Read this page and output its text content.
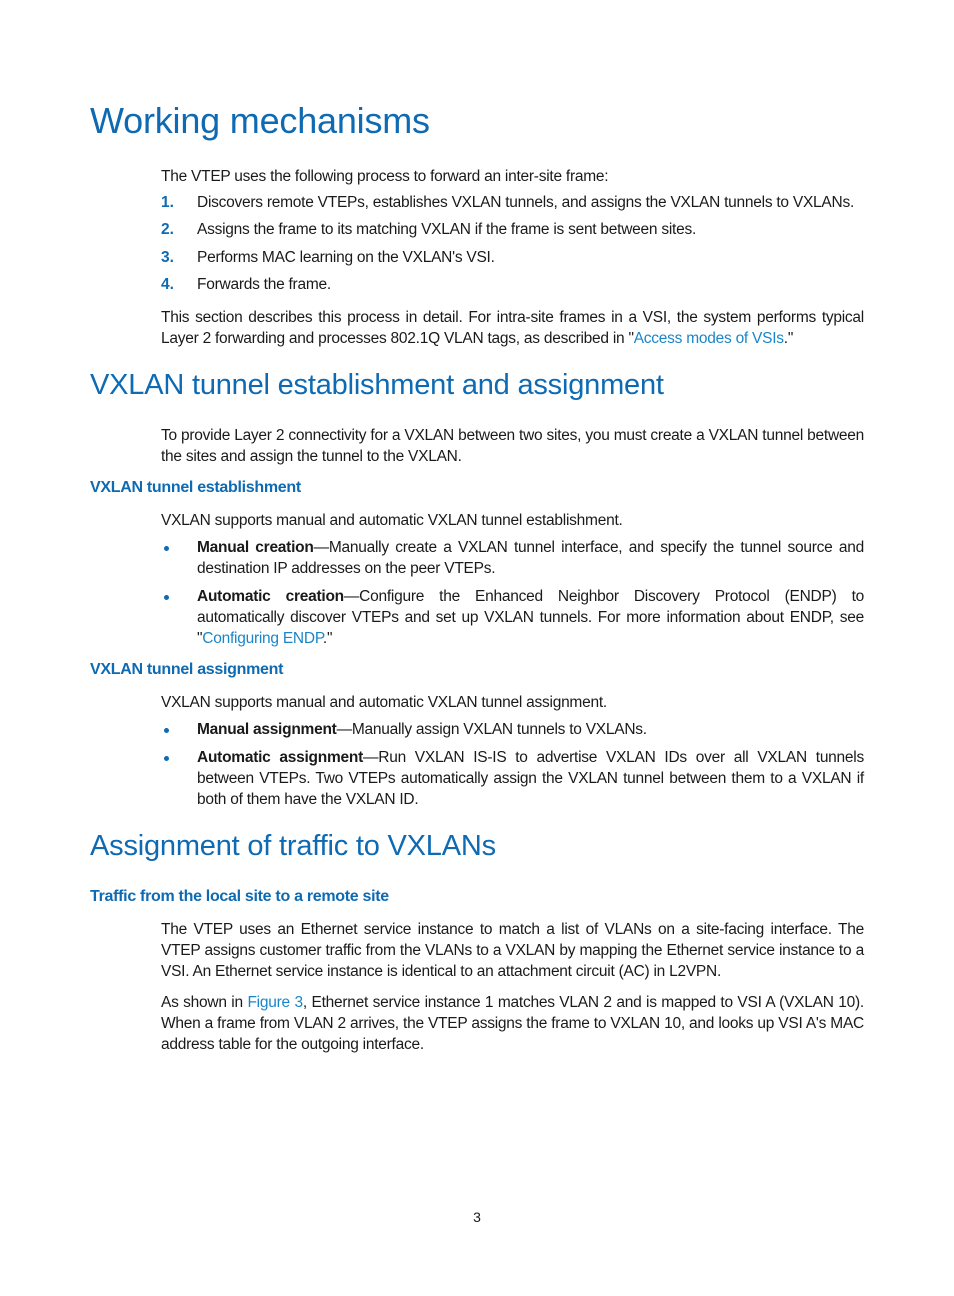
Working mechanisms

The VTEP uses the following process to forward an inter-site frame:

1. Discovers remote VTEPs, establishes VXLAN tunnels, and assigns the VXLAN tunnels to VXLANs.
2. Assigns the frame to its matching VXLAN if the frame is sent between sites.
3. Performs MAC learning on the VXLAN's VSI.
4. Forwards the frame.

This section describes this process in detail. For intra-site frames in a VSI, the system performs typical Layer 2 forwarding and processes 802.1Q VLAN tags, as described in "Access modes of VSIs."

VXLAN tunnel establishment and assignment

To provide Layer 2 connectivity for a VXLAN between two sites, you must create a VXLAN tunnel between the sites and assign the tunnel to the VXLAN.

VXLAN tunnel establishment

VXLAN supports manual and automatic VXLAN tunnel establishment.

Manual creation—Manually create a VXLAN tunnel interface, and specify the tunnel source and destination IP addresses on the peer VTEPs.

Automatic creation—Configure the Enhanced Neighbor Discovery Protocol (ENDP) to automatically discover VTEPs and set up VXLAN tunnels. For more information about ENDP, see "Configuring ENDP."

VXLAN tunnel assignment

VXLAN supports manual and automatic VXLAN tunnel assignment.

Manual assignment—Manually assign VXLAN tunnels to VXLANs.

Automatic assignment—Run VXLAN IS-IS to advertise VXLAN IDs over all VXLAN tunnels between VTEPs. Two VTEPs automatically assign the VXLAN tunnel between them to a VXLAN if both of them have the VXLAN ID.

Assignment of traffic to VXLANs
Traffic from the local site to a remote site

The VTEP uses an Ethernet service instance to match a list of VLANs on a site-facing interface. The VTEP assigns customer traffic from the VLANs to a VXLAN by mapping the Ethernet service instance to a VSI. An Ethernet service instance is identical to an attachment circuit (AC) in L2VPN.

As shown in Figure 3, Ethernet service instance 1 matches VLAN 2 and is mapped to VSI A (VXLAN 10). When a frame from VLAN 2 arrives, the VTEP assigns the frame to VXLAN 10, and looks up VSI A's MAC address table for the outgoing interface.

3
